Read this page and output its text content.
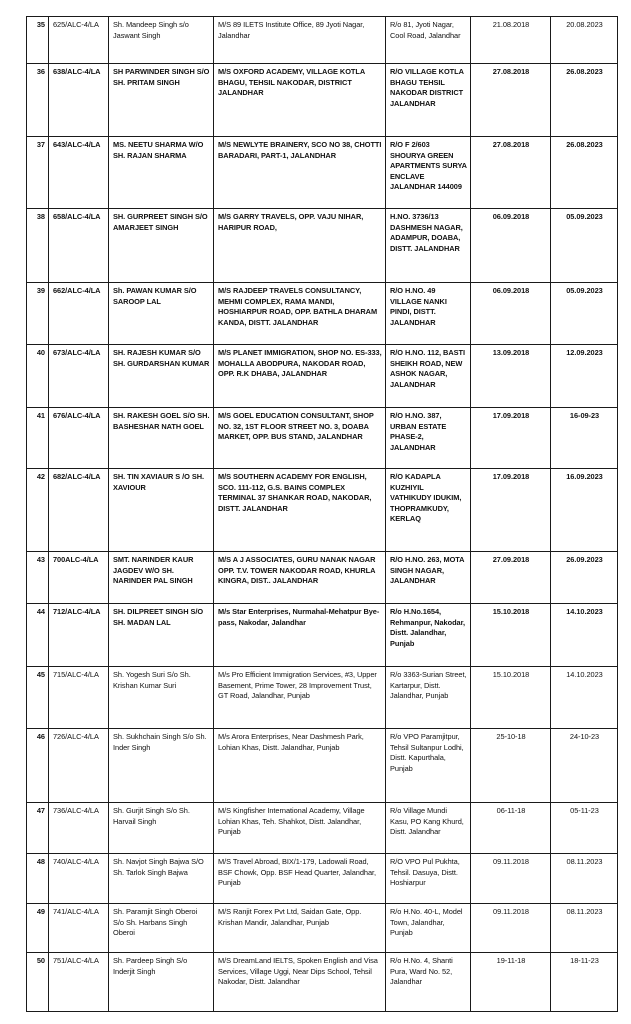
35	625/ALC-4/LA	Sh. Mandeep Singh s/o Jaswant Singh	M/S 89 ILETS Institute Office, 89 Jyoti Nagar, Jalandhar	R/o 81, Jyoti Nagar, Cool Road, Jalandhar	21.08.2018	20.08.2023
36	638/ALC-4/LA	SH PARWINDER SINGH S/O SH. PRITAM SINGH	M/S OXFORD ACADEMY, VILLAGE KOTLA BHAGU, TEHSIL NAKODAR, DISTRICT JALANDHAR	R/O VILLAGE KOTLA BHAGU TEHSIL NAKODAR DISTRICT JALANDHAR	27.08.2018	26.08.2023
37	643/ALC-4/LA	MS. NEETU SHARMA W/O SH. RAJAN SHARMA	M/S NEWLYTE BRAINERY, SCO NO 38, CHOTTI BARADARI, PART-1, JALANDHAR	R/O F 2/603 SHOURYA GREEN APARTMENTS SURYA ENCLAVE JALANDHAR 144009	27.08.2018	26.08.2023
38	658/ALC-4/LA	SH. GURPREET SINGH S/O AMARJEET SINGH	M/S GARRY TRAVELS, OPP. VAJU NIHAR, HARIPUR ROAD,	H.NO. 3736/13 DASHMESH NAGAR, ADAMPUR, DOABA, DISTT. JALANDHAR	06.09.2018	05.09.2023
39	662/ALC-4/LA	Sh. PAWAN KUMAR S/O SAROOP LAL	M/S RAJDEEP TRAVELS CONSULTANCY, MEHMI COMPLEX, RAMA MANDI, HOSHIARPUR ROAD, OPP. BATHLA DHARAM KANDA, DISTT. JALANDHAR	R/O H.NO. 49 VILLAGE NANKI PINDI, DISTT. JALANDHAR	06.09.2018	05.09.2023
40	673/ALC-4/LA	SH. RAJESH KUMAR S/O SH. GURDARSHAN KUMAR	M/S PLANET IMMIGRATION, SHOP NO. ES-333, MOHALLA ABODPURA, NAKODAR ROAD, OPP. R.K DHABA, JALANDHAR	R/O H.NO. 112, BASTI SHEIKH ROAD, NEW ASHOK NAGAR, JALANDHAR	13.09.2018	12.09.2023
41	676/ALC-4/LA	SH. RAKESH GOEL S/O SH. BASHESHAR NATH GOEL	M/S GOEL EDUCATION CONSULTANT, SHOP NO. 32, 1ST FLOOR STREET NO. 3, DOABA MARKET, OPP. BUS STAND, JALANDHAR	R/O H.NO. 387, URBAN ESTATE PHASE-2, JALANDHAR	17.09.2018	16-09-23
42	682/ALC-4/LA	SH. TIN XAVIAUR S /O SH. XAVIOUR	M/S SOUTHERN ACADEMY FOR ENGLISH, SCO. 111-112, G.S. BAINS COMPLEX TERMINAL 37 SHANKAR ROAD, NAKODAR, DISTT. JALANDHAR	R/O KADAPLA KUZHIYIL VATHIKUDY IDUKIM, THOPRAMKUDY, KERLAQ	17.09.2018	16.09.2023
43	700ALC-4/LA	SMT. NARINDER KAUR JAGDEV W/O SH. NARINDER PAL SINGH	M/S A J ASSOCIATES, GURU NANAK NAGAR OPP. T.V. TOWER NAKODAR ROAD, KHURLA KINGRA, DIST.. JALANDHAR	R/O H.NO. 263, MOTA SINGH NAGAR, JALANDHAR	27.09.2018	26.09.2023
44	712/ALC-4/LA	SH. DILPREET SINGH S/O SH. MADAN LAL	M/s Star Enterprises, Nurmahal-Mehatpur Bye-pass, Nakodar, Jalandhar	R/o H.No.1654, Rehmanpur, Nakodar, Distt. Jalandhar, Punjab	15.10.2018	14.10.2023
45	715/ALC-4/LA	Sh. Yogesh Suri S/o Sh. Krishan Kumar Suri	M/s Pro Efficient Immigration Services, #3, Upper Basement, Prime Tower, 28 Improvement Trust, GT Road, Jalandhar, Punjab	R/o 3363-Surian Street, Kartarpur, Distt. Jalandhar, Punjab	15.10.2018	14.10.2023
46	726/ALC-4/LA	Sh. Sukhchain Singh S/o Sh. Inder Singh	M/s Arora Enterprises, Near Dashmesh Park, Lohian Khas, Distt. Jalandhar, Punjab	R/o VPO Paramjitpur, Tehsil Sultanpur Lodhi, Distt. Kapurthala, Punjab	25-10-18	24-10-23
47	736/ALC-4/LA	Sh. Gurjit Singh S/o Sh. Harvail Singh	M/S Kingfisher International Academy, Village Lohian Khas, Teh. Shahkot, Distt. Jalandhar, Punjab	R/o Village Mundi Kasu, PO Kang Khurd, Distt. Jalandhar	06-11-18	05-11-23
48	740/ALC-4/LA	Sh. Navjot Singh Bajwa S/O Sh. Tarlok Singh Bajwa	M/S Travel Abroad, BIX/1-179, Ladowali Road, BSF Chowk, Opp. BSF Head Quarter, Jalandhar, Punjab	R/O VPO Pul Pukhta, Tehsil. Dasuya, Distt. Hoshiarpur	09.11.2018	08.11.2023
49	741/ALC-4/LA	Sh. Paramjit Singh Oberoi S/o Sh. Harbans Singh Oberoi	M/S Ranjit Forex Pvt Ltd, Saidan Gate, Opp. Krishan Mandir, Jalandhar, Punjab	R/o H.No. 40-L, Model Town, Jalandhar, Punjab	09.11.2018	08.11.2023
50	751/ALC-4/LA	Sh. Pardeep Singh S/o Inderjit Singh	M/S DreamLand IELTS, Spoken English and Visa Services, Village Uggi, Near Dips School, Tehsil Nakodar, Distt. Jalandhar	R/o H.No. 4, Shanti Pura, Ward No. 52, Jalandhar	19-11-18	18-11-23
